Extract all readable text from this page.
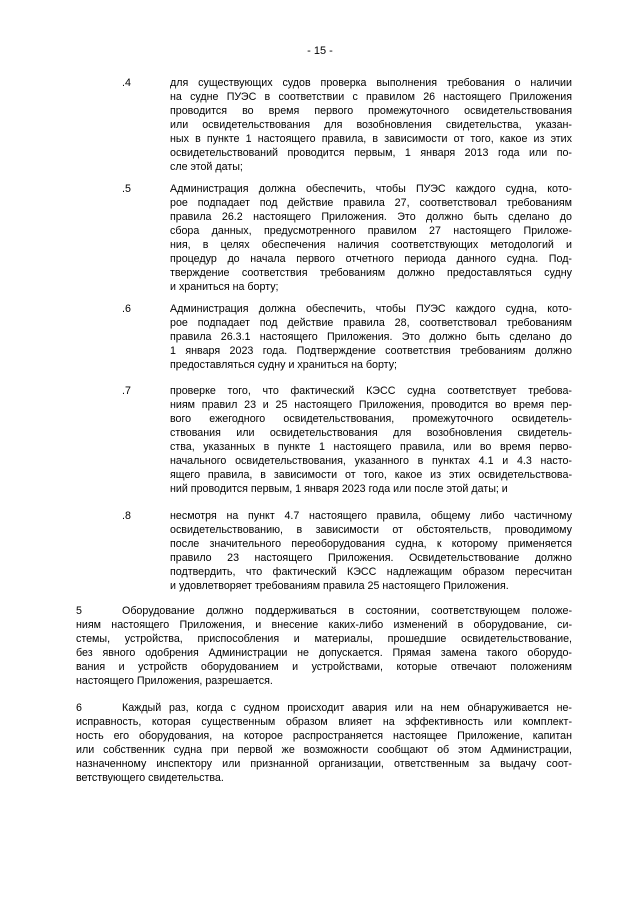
- 15 -
.4	для существующих судов проверка выполнения требования о наличии
на судне ПУЭС в соответствии с правилом 26 настоящего Приложения
проводится во время первого промежуточного освидетельствования
или освидетельствования для возобновления свидетельства, указан-
ных в пункте 1 настоящего правила, в зависимости от того, какое из этих
освидетельствований проводится первым, 1 января 2013 года или по-
сле этой даты;
.5	Администрация должна обеспечить, чтобы ПУЭС каждого судна, кото-
рое подпадает под действие правила 27, соответствовал требованиям
правила 26.2 настоящего Приложения. Это должно быть сделано до
сбора данных, предусмотренного правилом 27 настоящего Приложе-
ния, в целях обеспечения наличия соответствующих методологий и
процедур до начала первого отчетного периода данного судна. Под-
тверждение соответствия требованиям должно предоставляться судну
и храниться на борту;
.6	Администрация должна обеспечить, чтобы ПУЭС каждого судна, кото-
рое подпадает под действие правила 28, соответствовал требованиям
правила 26.3.1 настоящего Приложения. Это должно быть сделано до
1 января 2023 года. Подтверждение соответствия требованиям должно
предоставляться судну и храниться на борту;
.7	проверке того, что фактический КЭСС судна соответствует требова-
ниям правил 23 и 25 настоящего Приложения, проводится во время пер-
вого ежегодного освидетельствования, промежуточного освидетель-
ствования или освидетельствования для возобновления свидетель-
ства, указанных в пункте 1 настоящего правила, или во время перво-
начального освидетельствования, указанного в пунктах 4.1 и 4.3 насто-
ящего правила, в зависимости от того, какое из этих освидетельствова-
ний проводится первым, 1 января 2023 года или после этой даты; и
.8	несмотря на пункт 4.7 настоящего правила, общему либо частичному
освидетельствованию, в зависимости от обстоятельств, проводимому
после значительного переоборудования судна, к которому применяется
правило 23 настоящего Приложения. Освидетельствование должно
подтвердить, что фактический КЭСС надлежащим образом пересчитан
и удовлетворяет требованиям правила 25 настоящего Приложения.
5	Оборудование должно поддерживаться в состоянии, соответствующем положе-
ниям настоящего Приложения, и внесение каких-либо изменений в оборудование, си-
стемы, устройства, приспособления и материалы, прошедшие освидетельствование,
без явного одобрения Администрации не допускается. Прямая замена такого оборудо-
вания и устройств оборудованием и устройствами, которые отвечают положениям
настоящего Приложения, разрешается.
6	Каждый раз, когда с судном происходит авария или на нем обнаруживается не-
исправность, которая существенным образом влияет на эффективность или комплект-
ность его оборудования, на которое распространяется настоящее Приложение, капитан
или собственник судна при первой же возможности сообщают об этом Администрации,
назначенному инспектору или признанной организации, ответственным за выдачу соот-
ветствующего свидетельства.
